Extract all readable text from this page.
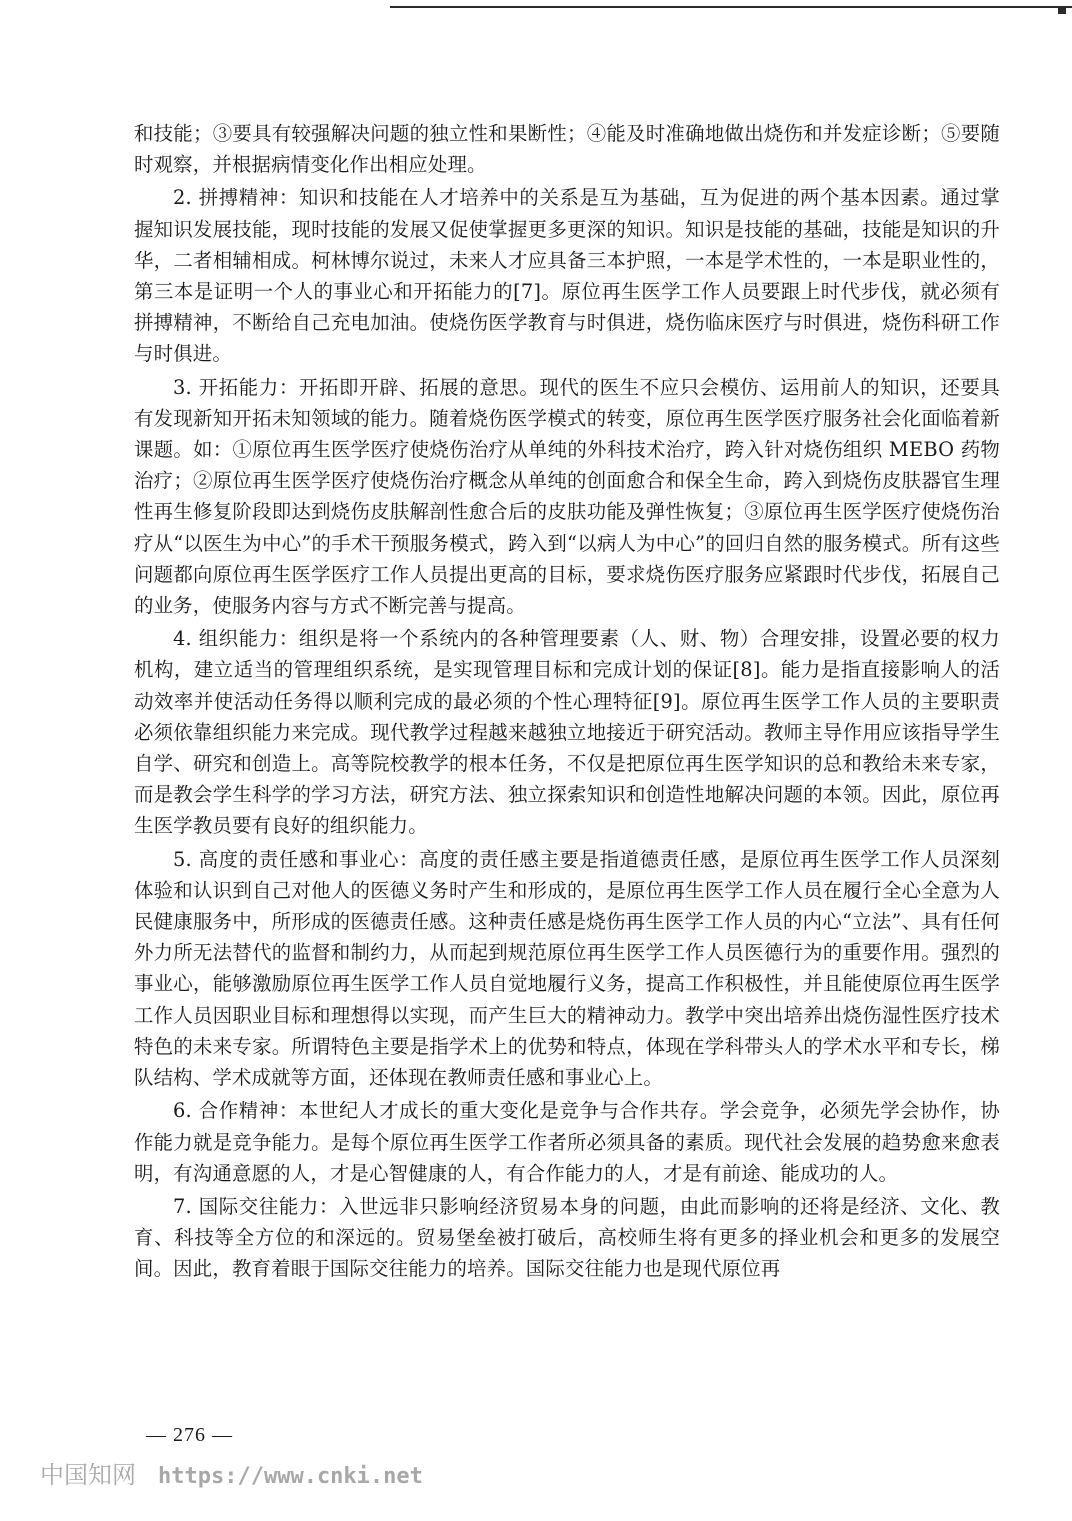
和技能；③要具有较强解决问题的独立性和果断性；④能及时准确地做出烧伤和并发症诊断；⑤要随时观察，并根据病情变化作出相应处理。

2. 拼搏精神：知识和技能在人才培养中的关系是互为基础，互为促进的两个基本因素。通过掌握知识发展技能，现时技能的发展又促使掌握更多更深的知识。知识是技能的基础，技能是知识的升华，二者相辅相成。柯林博尔说过，未来人才应具备三本护照，一本是学术性的，一本是职业性的，第三本是证明一个人的事业心和开拓能力的[7]。原位再生医学工作人员要跟上时代步伐，就必须有拼搏精神，不断给自己充电加油。使烧伤医学教育与时俱进，烧伤临床医疗与时俱进，烧伤科研工作与时俱进。

3. 开拓能力：开拓即开辟、拓展的意思。现代的医生不应只会模仿、运用前人的知识，还要具有发现新知开拓未知领域的能力。随着烧伤医学模式的转变，原位再生医学医疗服务社会化面临着新课题。如：①原位再生医学医疗使烧伤治疗从单纯的外科技术治疗，跨入针对烧伤组织 MEBO 药物治疗；②原位再生医学医疗使烧伤治疗概念从单纯的创面愈合和保全生命，跨入到烧伤皮肤器官生理性再生修复阶段即达到烧伤皮肤解剖性愈合后的皮肤功能及弹性恢复；③原位再生医学医疗使烧伤治疗从“以医生为中心”的手术干预服务模式，跨入到“以病人为中心”的回归自然的服务模式。所有这些问题都向原位再生医学医疗工作人员提出更高的目标，要求烧伤医疗服务应紧跟时代步伐，拓展自己的业务，使服务内容与方式不断完善与提高。

4. 组织能力：组织是将一个系统内的各种管理要素（人、财、物）合理安排，设置必要的权力机构，建立适当的管理组织系统，是实现管理目标和完成计划的保证[8]。能力是指直接影响人的活动效率并使活动任务得以顺利完成的最必须的个性心理特征[9]。原位再生医学工作人员的主要职责必须依靠组织能力来完成。现代教学过程越来越独立地接近于研究活动。教师主导作用应该指导学生自学、研究和创造上。高等院校教学的根本任务，不仅是把原位再生医学知识的总和教给未来专家，而是教会学生科学的学习方法，研究方法、独立探索知识和创造性地解决问题的本领。因此，原位再生医学教员要有良好的组织能力。

5. 高度的责任感和事业心：高度的责任感主要是指道德责任感，是原位再生医学工作人员深刻体验和认识到自己对他人的医德义务时产生和形成的，是原位再生医学工作人员在履行全心全意为人民健康服务中，所形成的医德责任感。这种责任感是烧伤再生医学工作人员的内心“立法”、具有任何外力所无法替代的监督和制约力，从而起到规范原位再生医学工作人员医德行为的重要作用。强烈的事业心，能够激励原位再生医学工作人员自觉地履行义务，提高工作积极性，并且能使原位再生医学工作人员因职业目标和理想得以实现，而产生巨大的精神动力。教学中突出培养出烧伤湿性医疗技术特色的未来专家。所谓特色主要是指学术上的优势和特点，体现在学科带头人的学术水平和专长，梯队结构、学术成就等方面，还体现在教师责任感和事业心上。

6. 合作精神：本世纪人才成长的重大变化是竞争与合作共存。学会竞争，必须先学会协作，协作能力就是竞争能力。是每个原位再生医学工作者所必须具备的素质。现代社会发展的趋势愈来愈表明，有沟通意愿的人，才是心智健康的人，有合作能力的人，才是有前途、能成功的人。

7. 国际交往能力：入世远非只影响经济贸易本身的问题，由此而影响的还将是经济、文化、教育、科技等全方位的和深远的。贸易堡垒被打破后，高校师生将有更多的择业机会和更多的发展空间。因此，教育着眼于国际交往能力的培养。国际交往能力也是现代原位再

— 276 —
中国知网 https://www.cnki.net
